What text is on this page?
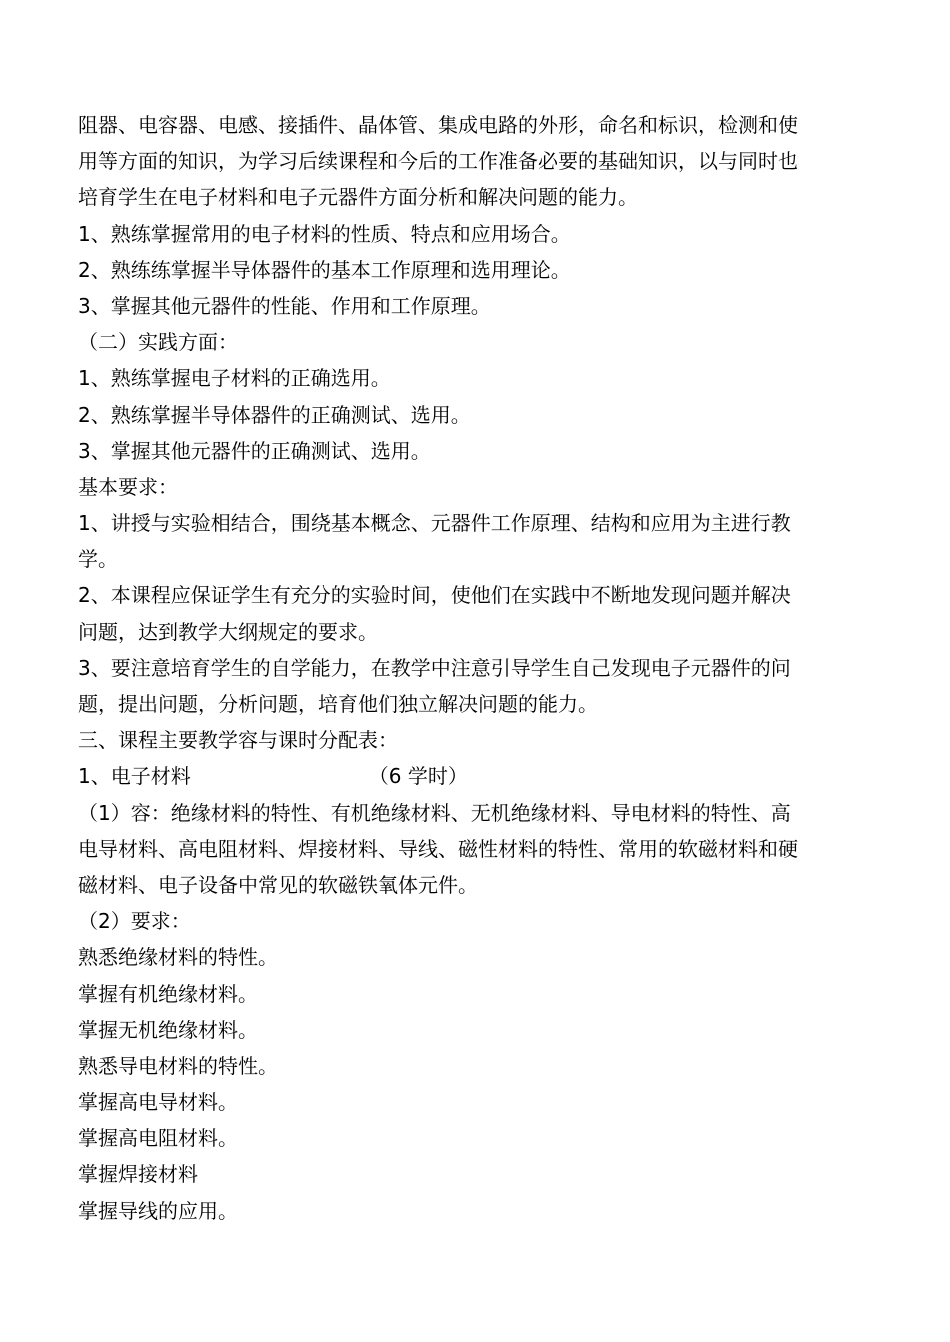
阻器、电容器、电感、接插件、晶体管、集成电路的外形，命名和标识，检测和使
用等方面的知识，为学习后续课程和今后的工作准备必要的基础知识，以与同时也
培育学生在电子材料和电子元器件方面分析和解决问题的能力。
1、熟练掌握常用的电子材料的性质、特点和应用场合。
2、熟练练掌握半导体器件的基本工作原理和选用理论。
3、掌握其他元器件的性能、作用和工作原理。
（二）实践方面：
1、熟练掌握电子材料的正确选用。
2、熟练掌握半导体器件的正确测试、选用。
3、掌握其他元器件的正确测试、选用。
基本要求：
1、讲授与实验相结合，围绕基本概念、元器件工作原理、结构和应用为主进行教
学。
2、本课程应保证学生有充分的实验时间，使他们在实践中不断地发现问题并解决
问题，达到教学大纲规定的要求。
3、要注意培育学生的自学能力，在教学中注意引导学生自己发现电子元器件的问
题，提出问题，分析问题，培育他们独立解决问题的能力。
三、课程主要教学容与课时分配表：
1、电子材料	（6 学时）
（1）容：绝缘材料的特性、有机绝缘材料、无机绝缘材料、导电材料的特性、高
电导材料、高电阻材料、焊接材料、导线、磁性材料的特性、常用的软磁材料和硬
磁材料、电子设备中常见的软磁铁氧体元件。
（2）要求：
熟悉绝缘材料的特性。
掌握有机绝缘材料。
掌握无机绝缘材料。
熟悉导电材料的特性。
掌握高电导材料。
掌握高电阻材料。
掌握焊接材料
掌握导线的应用。
